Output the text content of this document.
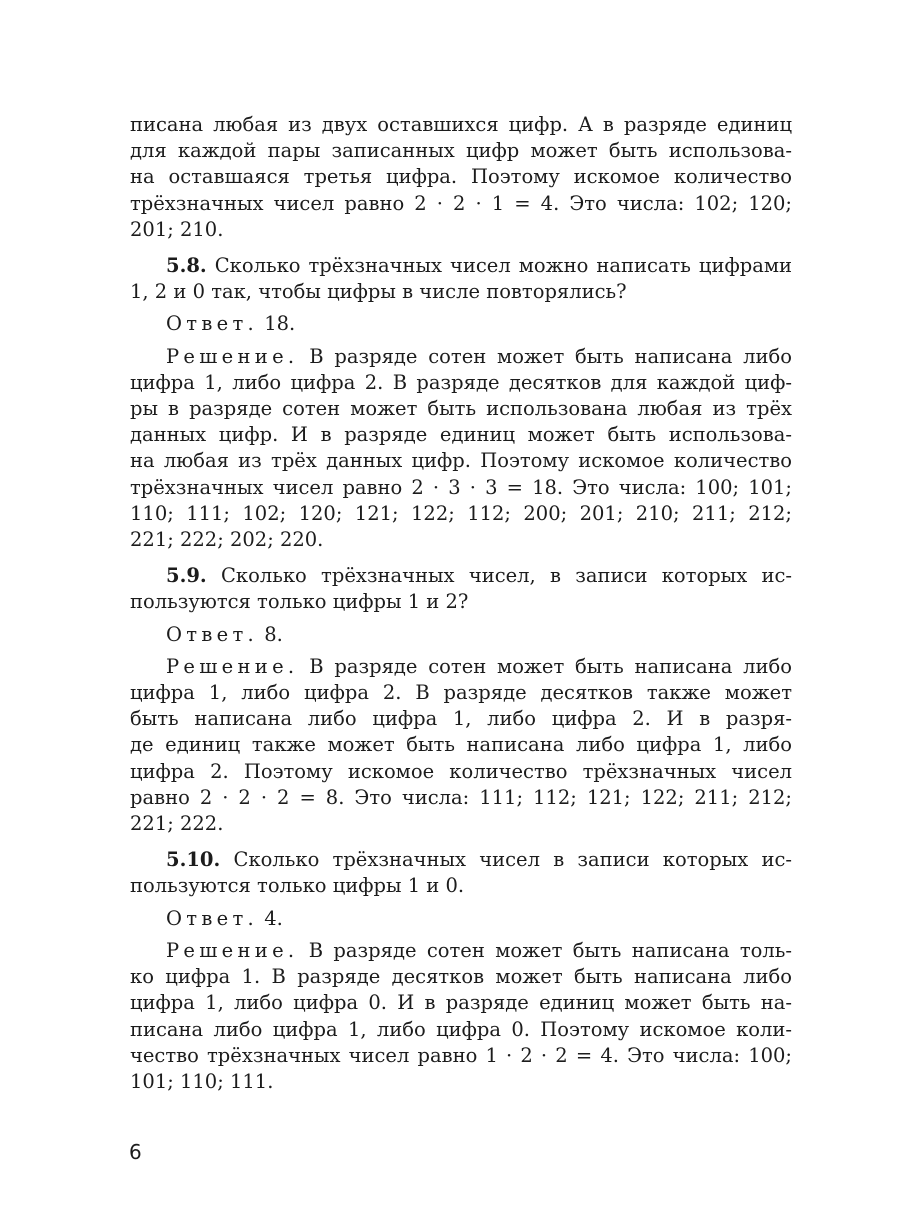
писана любая из двух оставшихся цифр. А в разряде единиц
для каждой пары записанных цифр может быть использова-
на оставшаяся третья цифра. Поэтому искомое количество
трёхзначных чисел равно 2 · 2 · 1 = 4. Это числа: 102; 120;
201; 210.
5.8. Сколько трёхзначных чисел можно написать цифрами
1, 2 и 0 так, чтобы цифры в числе повторялись?
Ответ. 18.
Решение. В разряде сотен может быть написана либо
цифра 1, либо цифра 2. В разряде десятков для каждой циф-
ры в разряде сотен может быть использована любая из трёх
данных цифр. И в разряде единиц может быть использова-
на любая из трёх данных цифр. Поэтому искомое количество
трёхзначных чисел равно 2 · 3 · 3 = 18. Это числа: 100; 101;
110; 111; 102; 120; 121; 122; 112; 200; 201; 210; 211; 212;
221; 222; 202; 220.
5.9. Сколько трёхзначных чисел, в записи которых ис-
пользуются только цифры 1 и 2?
Ответ. 8.
Решение. В разряде сотен может быть написана либо
цифра 1, либо цифра 2. В разряде десятков также может
быть написана либо цифра 1, либо цифра 2. И в разря-
де единиц также может быть написана либо цифра 1, либо
цифра 2. Поэтому искомое количество трёхзначных чисел
равно 2 · 2 · 2 = 8. Это числа: 111; 112; 121; 122; 211; 212;
221; 222.
5.10. Сколько трёхзначных чисел в записи которых ис-
пользуются только цифры 1 и 0.
Ответ. 4.
Решение. В разряде сотен может быть написана толь-
ко цифра 1. В разряде десятков может быть написана либо
цифра 1, либо цифра 0. И в разряде единиц может быть на-
писана либо цифра 1, либо цифра 0. Поэтому искомое коли-
чество трёхзначных чисел равно 1 · 2 · 2 = 4. Это числа: 100;
101; 110; 111.
6
